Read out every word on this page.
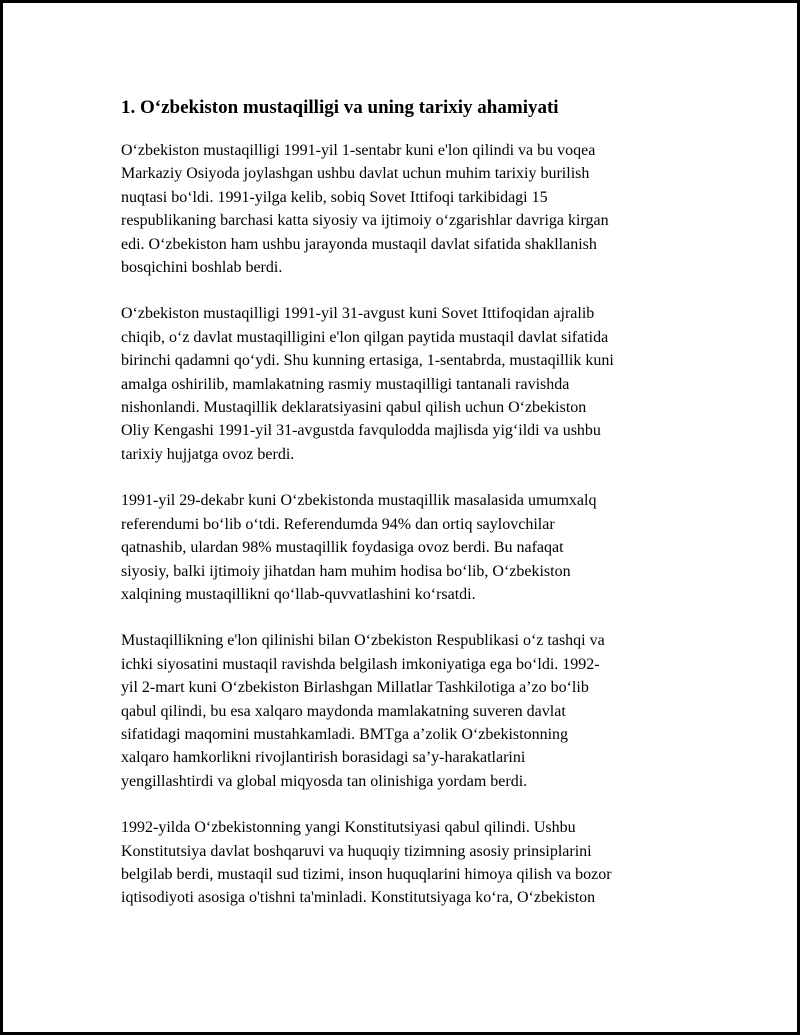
1. O‘zbekiston mustaqilligi va uning tarixiy ahamiyati

O‘zbekiston mustaqilligi 1991-yil 1-sentabr kuni e'lon qilindi va bu voqea
Markaziy Osiyoda joylashgan ushbu davlat uchun muhim tarixiy burilish
nuqtasi bo‘ldi. 1991-yilga kelib, sobiq Sovet Ittifoqi tarkibidagi 15
respublikaning barchasi katta siyosiy va ijtimoiy o‘zgarishlar davriga kirgan
edi. O‘zbekiston ham ushbu jarayonda mustaqil davlat sifatida shakllanish
bosqichini boshlab berdi.

O‘zbekiston mustaqilligi 1991-yil 31-avgust kuni Sovet Ittifoqidan ajralib
chiqib, o‘z davlat mustaqilligini e'lon qilgan paytida mustaqil davlat sifatida
birinchi qadamni qo‘ydi. Shu kunning ertasiga, 1-sentabrda, mustaqillik kuni
amalga oshirilib, mamlakatning rasmiy mustaqilligi tantanali ravishda
nishonlandi. Mustaqillik deklaratsiyasini qabul qilish uchun O‘zbekiston
Oliy Kengashi 1991-yil 31-avgustda favqulodda majlisda yig‘ildi va ushbu
tarixiy hujjatga ovoz berdi.

1991-yil 29-dekabr kuni O‘zbekistonda mustaqillik masalasida umumxalq
referendumi bo‘lib o‘tdi. Referendumda 94% dan ortiq saylovchilar
qatnashib, ulardan 98% mustaqillik foydasiga ovoz berdi. Bu nafaqat
siyosiy, balki ijtimoiy jihatdan ham muhim hodisa bo‘lib, O‘zbekiston
xalqining mustaqillikni qo‘llab-quvvatlashini ko‘rsatdi.

Mustaqillikning e'lon qilinishi bilan O‘zbekiston Respublikasi o‘z tashqi va
ichki siyosatini mustaqil ravishda belgilash imkoniyatiga ega bo‘ldi. 1992-
yil 2-mart kuni O‘zbekiston Birlashgan Millatlar Tashkilotiga a’zo bo‘lib
qabul qilindi, bu esa xalqaro maydonda mamlakatning suveren davlat
sifatidagi maqomini mustahkamladi. BMTga a’zolik O‘zbekistonning
xalqaro hamkorlikni rivojlantirish borasidagi sa’y-harakatlarini
yengillashtirdi va global miqyosda tan olinishiga yordam berdi.

1992-yilda O‘zbekistonning yangi Konstitutsiyasi qabul qilindi. Ushbu
Konstitutsiya davlat boshqaruvi va huquqiy tizimning asosiy prinsiplarini
belgilab berdi, mustaqil sud tizimi, inson huquqlarini himoya qilish va bozor
iqtisodiyoti asosiga o'tishni ta'minladi. Konstitutsiyaga ko‘ra, O‘zbekiston
